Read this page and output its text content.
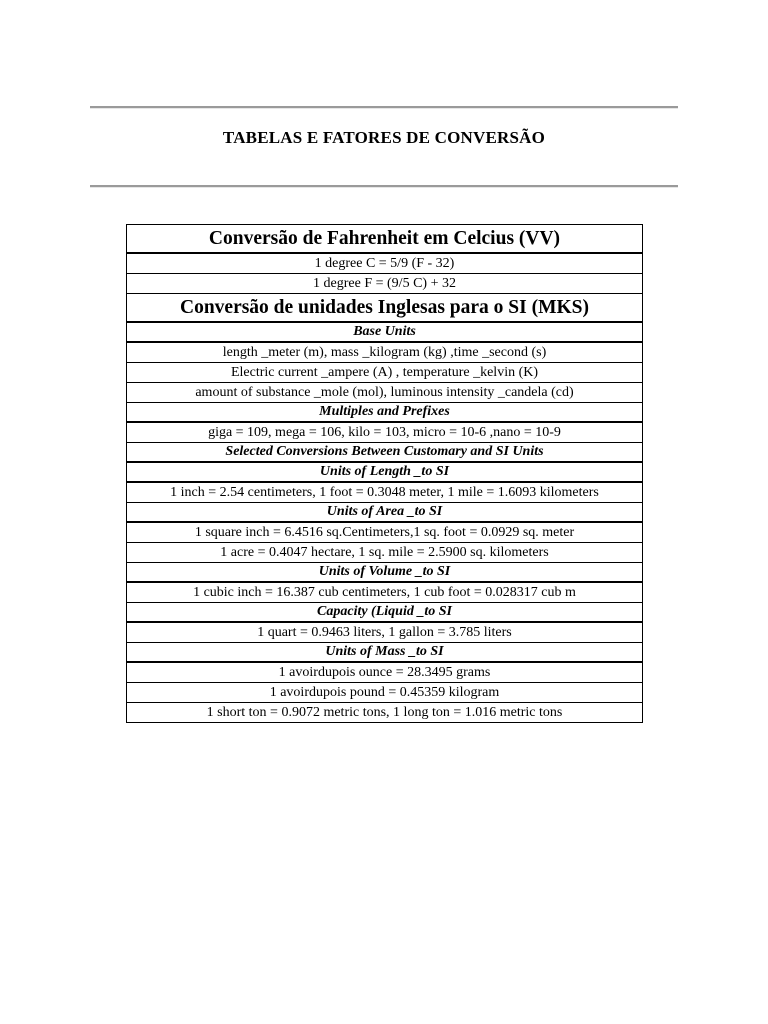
TABELAS E FATORES DE CONVERSÃO
Conversão de Fahrenheit em Celcius (VV)
1 degree C = 5/9 (F - 32)
1 degree F = (9/5 C) + 32
Conversão de unidades Inglesas para o SI (MKS)
Base Units
length _meter (m), mass _kilogram (kg) ,time _second (s)
Electric current _ampere (A) , temperature _kelvin (K)
amount of substance _mole (mol), luminous intensity _candela (cd)
Multiples and Prefixes
giga = 109, mega = 106, kilo = 103, micro = 10-6 ,nano = 10-9
Selected Conversions Between Customary and SI Units
Units of Length _to SI
1 inch = 2.54 centimeters, 1 foot = 0.3048 meter, 1 mile = 1.6093 kilometers
Units of Area _to SI
1 square inch = 6.4516 sq.Centimeters,1 sq. foot = 0.0929 sq. meter
1 acre = 0.4047 hectare, 1 sq. mile = 2.5900 sq. kilometers
Units of Volume _to SI
1 cubic inch = 16.387 cub centimeters, 1 cub foot = 0.028317 cub m
Capacity (Liquid _to SI
1 quart = 0.9463 liters, 1 gallon = 3.785 liters
Units of Mass _to SI
1 avoirdupois ounce = 28.3495 grams
1 avoirdupois pound = 0.45359 kilogram
1 short ton = 0.9072 metric tons, 1 long ton = 1.016 metric tons
